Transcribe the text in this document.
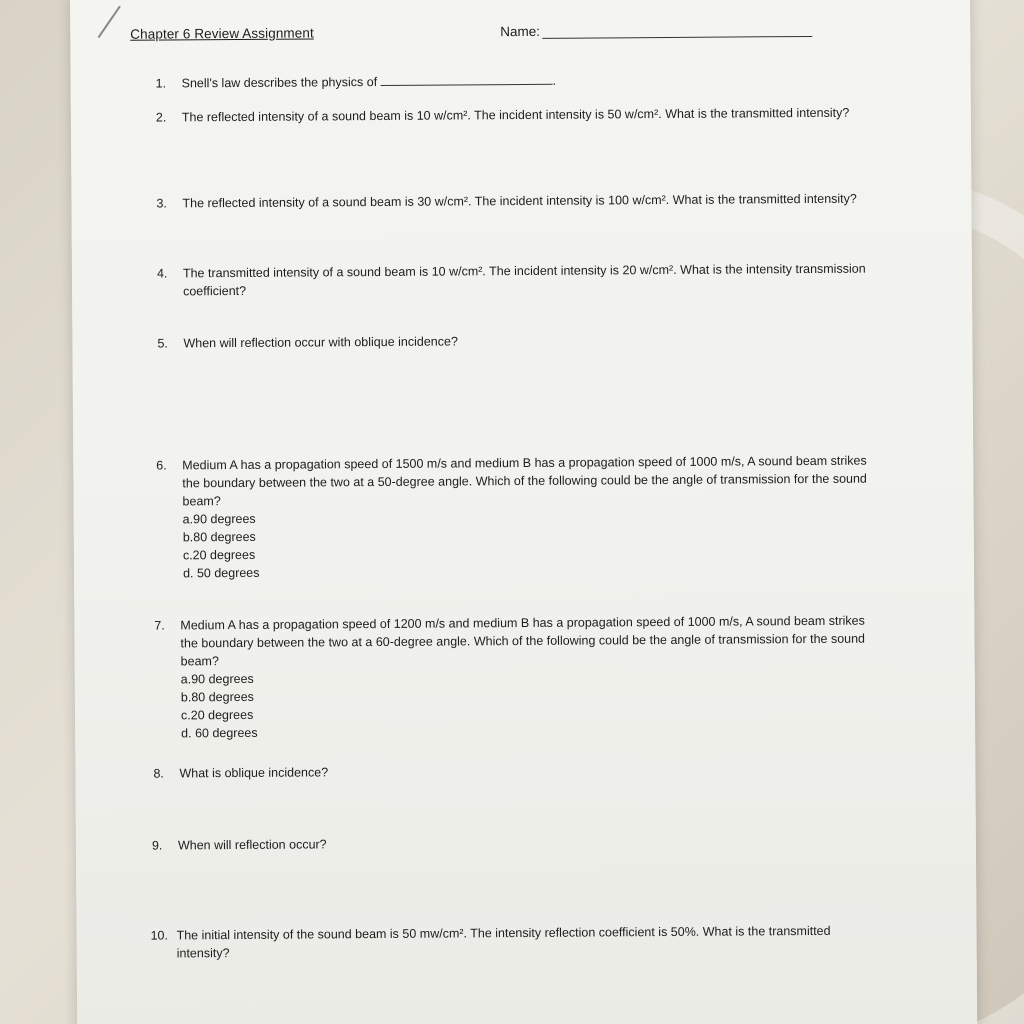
Chapter 6 Review Assignment	Name:
1. Snell's law describes the physics of	.
2. The reflected intensity of a sound beam is 10 w/cm². The incident intensity is 50 w/cm². What is the transmitted intensity?
3. The reflected intensity of a sound beam is 30 w/cm². The incident intensity is 100 w/cm². What is the transmitted intensity?
4. The transmitted intensity of a sound beam is 10 w/cm². The incident intensity is 20 w/cm². What is the intensity transmission coefficient?
5. When will reflection occur with oblique incidence?
6. Medium A has a propagation speed of 1500 m/s and medium B has a propagation speed of 1000 m/s, A sound beam strikes the boundary between the two at a 50-degree angle. Which of the following could be the angle of transmission for the sound beam?
a.90 degrees
b.80 degrees
c.20 degrees
d. 50 degrees
7. Medium A has a propagation speed of 1200 m/s and medium B has a propagation speed of 1000 m/s, A sound beam strikes the boundary between the two at a 60-degree angle. Which of the following could be the angle of transmission for the sound beam?
a.90 degrees
b.80 degrees
c.20 degrees
d. 60 degrees
8. What is oblique incidence?
9. When will reflection occur?
10. The initial intensity of the sound beam is 50 mw/cm². The intensity reflection coefficient is 50%. What is the transmitted intensity?
